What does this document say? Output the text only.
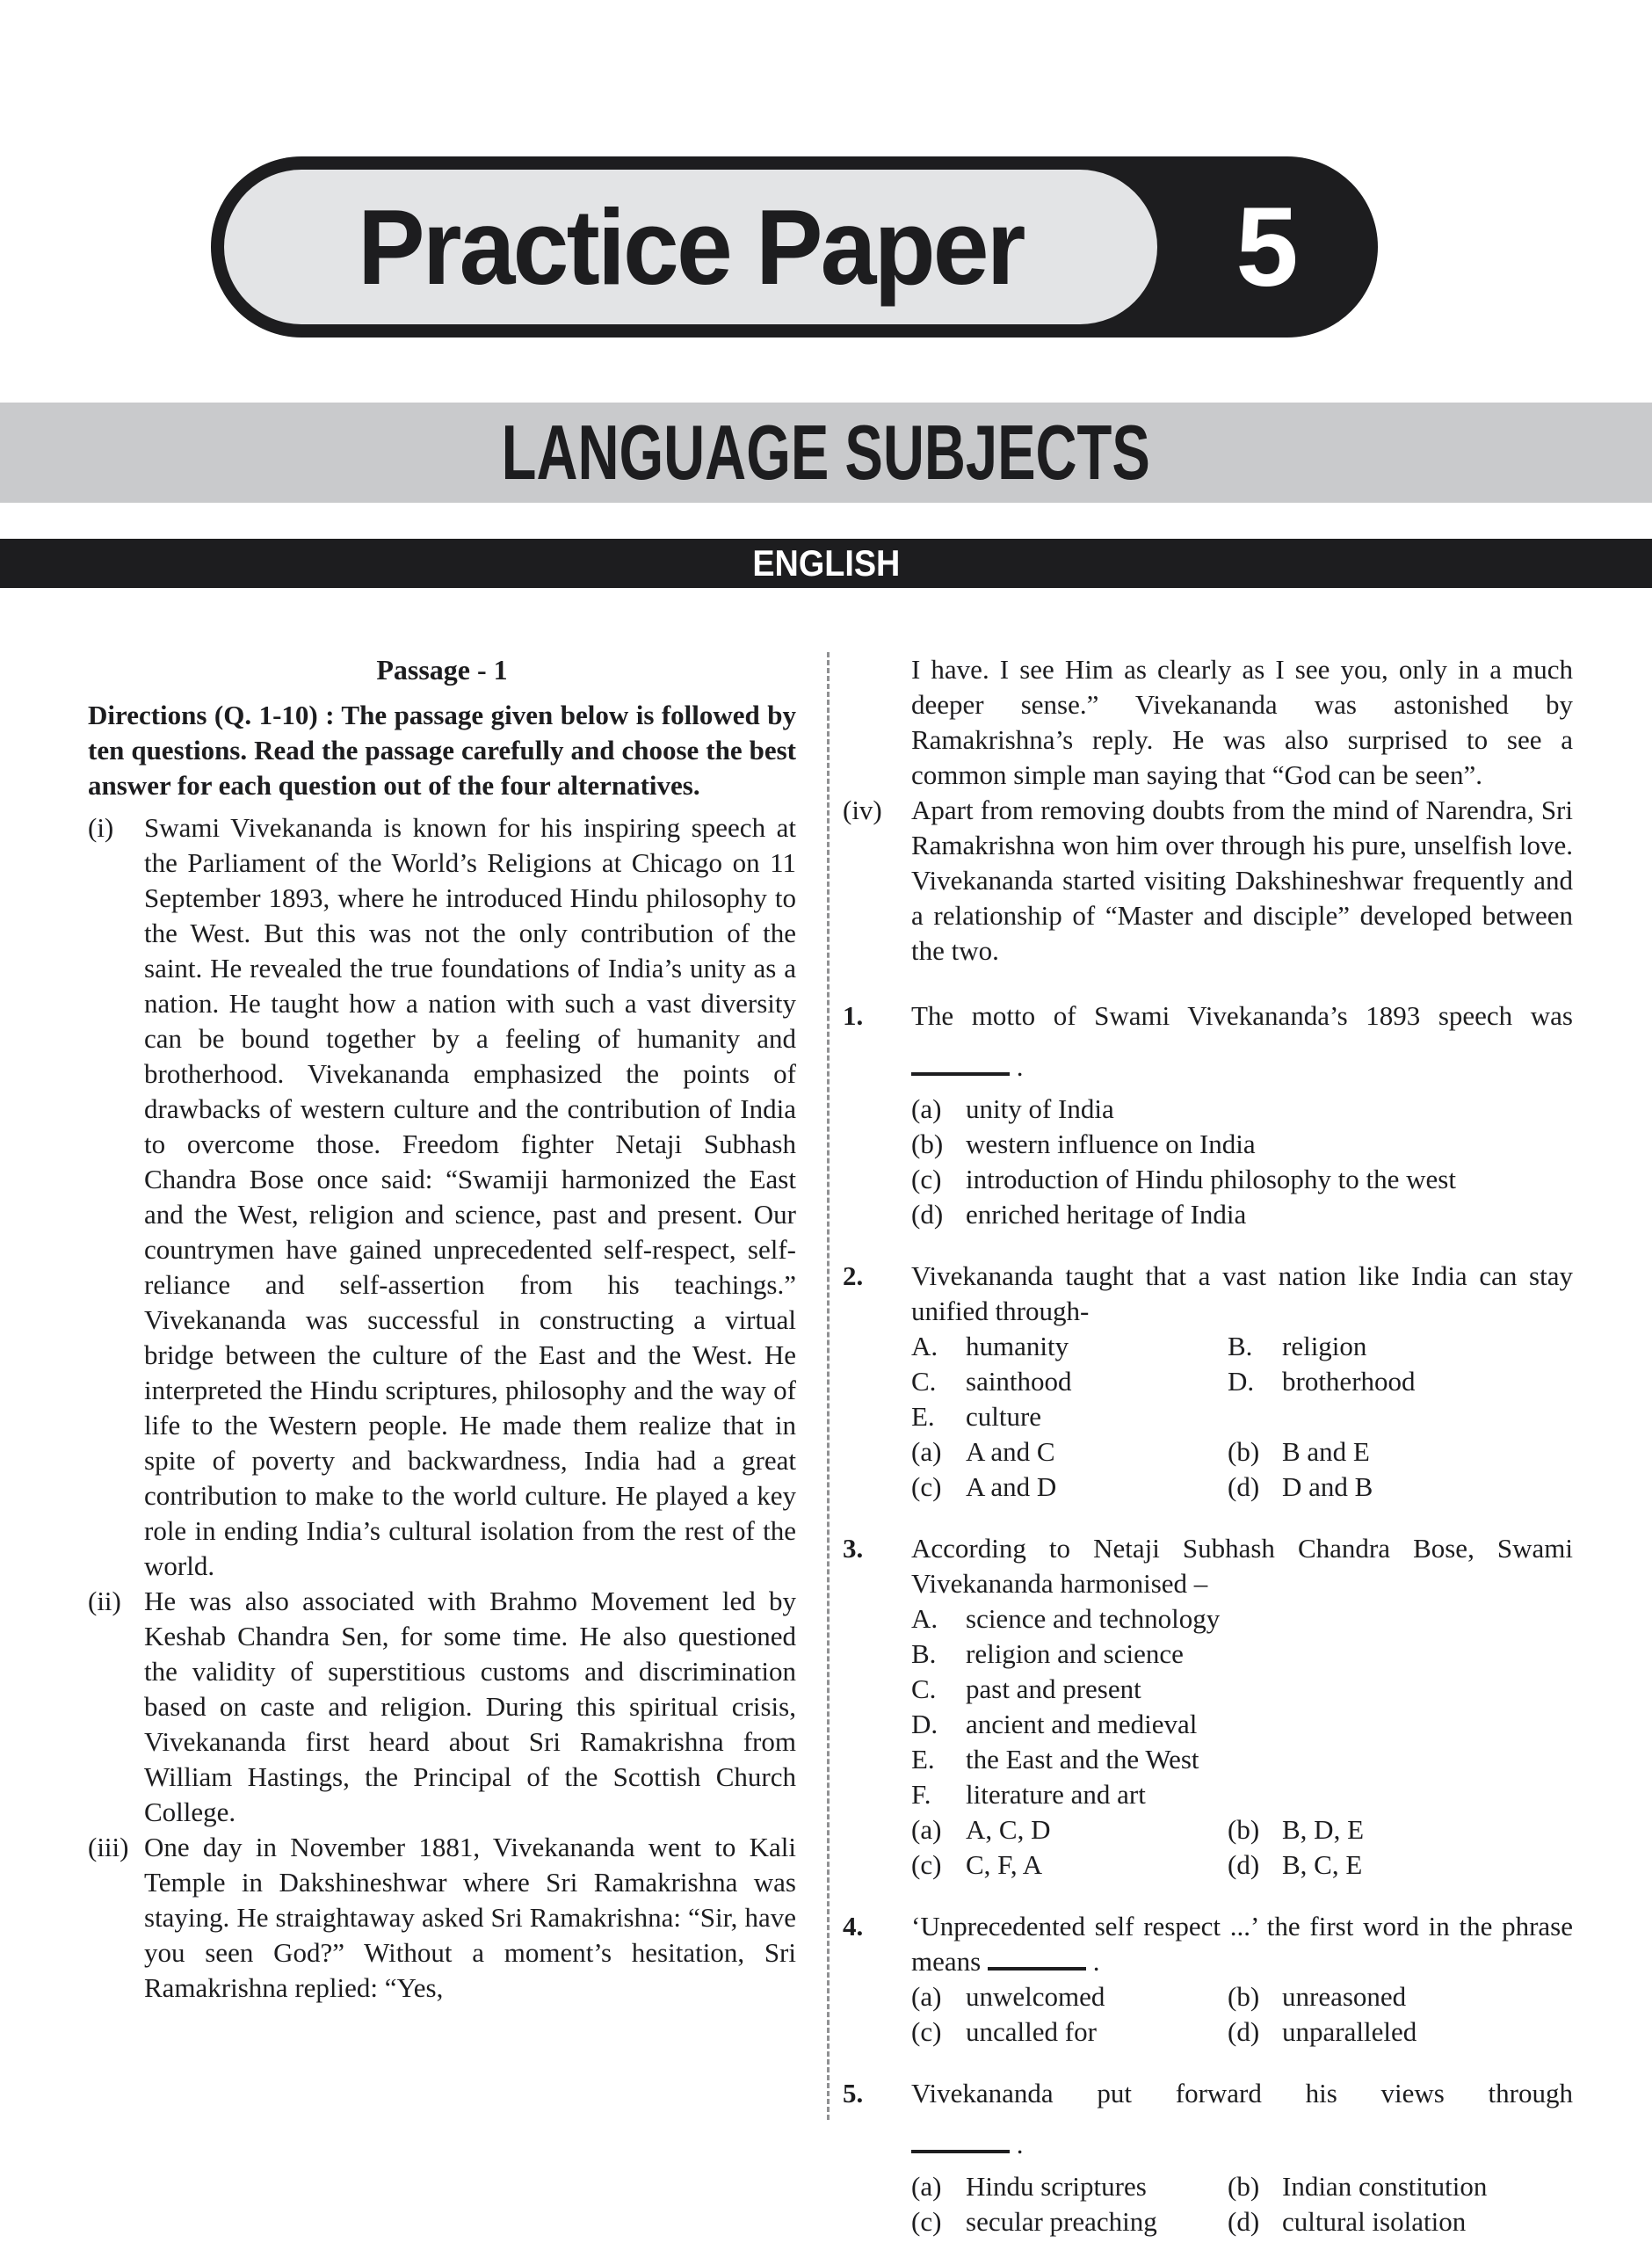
Practice Paper	5
LANGUAGE SUBJECTS
ENGLISH
Passage - 1

Directions (Q. 1-10) : The passage given below is followed by ten questions. Read the passage carefully and choose the best answer for each question out of the four alternatives.

(i) Swami Vivekananda is known for his inspiring speech at the Parliament of the World’s Religions at Chicago on 11 September 1893, where he introduced Hindu philosophy to the West. But this was not the only contribution of the saint. He revealed the true foundations of India’s unity as a nation. He taught how a nation with such a vast diversity can be bound together by a feeling of humanity and brotherhood. Vivekananda emphasized the points of drawbacks of western culture and the contribution of India to overcome those. Freedom fighter Netaji Subhash Chandra Bose once said: “Swamiji harmonized the East and the West, religion and science, past and present. Our countrymen have gained unprecedented self-respect, self-reliance and self-assertion from his teachings.” Vivekananda was successful in constructing a virtual bridge between the culture of the East and the West. He interpreted the Hindu scriptures, philosophy and the way of life to the Western people. He made them realize that in spite of poverty and backwardness, India had a great contribution to make to the world culture. He played a key role in ending India’s cultural isolation from the rest of the world.
(ii) He was also associated with Brahmo Movement led by Keshab Chandra Sen, for some time. He also questioned the validity of superstitious customs and discrimination based on caste and religion. During this spiritual crisis, Vivekananda first heard about Sri Ramakrishna from William Hastings, the Principal of the Scottish Church College.
(iii) One day in November 1881, Vivekananda went to Kali Temple in Dakshineshwar where Sri Ramakrishna was staying. He straightaway asked Sri Ramakrishna: “Sir, have you seen God?” Without a moment’s hesitation, Sri Ramakrishna replied: “Yes,
I have. I see Him as clearly as I see you, only in a much deeper sense.” Vivekananda was astonished by Ramakrishna’s reply. He was also surprised to see a common simple man saying that “God can be seen”.
(iv) Apart from removing doubts from the mind of Narendra, Sri Ramakrishna won him over through his pure, unselfish love. Vivekananda started visiting Dakshineshwar frequently and a relationship of “Master and disciple” developed between the two.
1. The motto of Swami Vivekananda’s 1893 speech was
.
(a) unity of India
(b) western influence on India
(c) introduction of Hindu philosophy to the west
(d) enriched heritage of India
2. Vivekananda taught that a vast nation like India can stay unified through-
A. humanity	B. religion
C. sainthood	D. brotherhood
E. culture
(a) A and C	(b) B and E
(c) A and D	(d) D and B
3. According to Netaji Subhash Chandra Bose, Swami Vivekananda harmonised –
A. science and technology
B. religion and science
C. past and present
D. ancient and medieval
E. the East and the West
F. literature and art
(a) A, C, D	(b) B, D, E
(c) C, F, A	(d) B, C, E
4. ‘Unprecedented self respect ...’ the first word in the phrase means	.
(a) unwelcomed	(b) unreasoned
(c) uncalled for	(d) unparalleled
5. Vivekananda put forward his views through
.
(a) Hindu scriptures	(b) Indian constitution
(c) secular preaching	(d) cultural isolation
